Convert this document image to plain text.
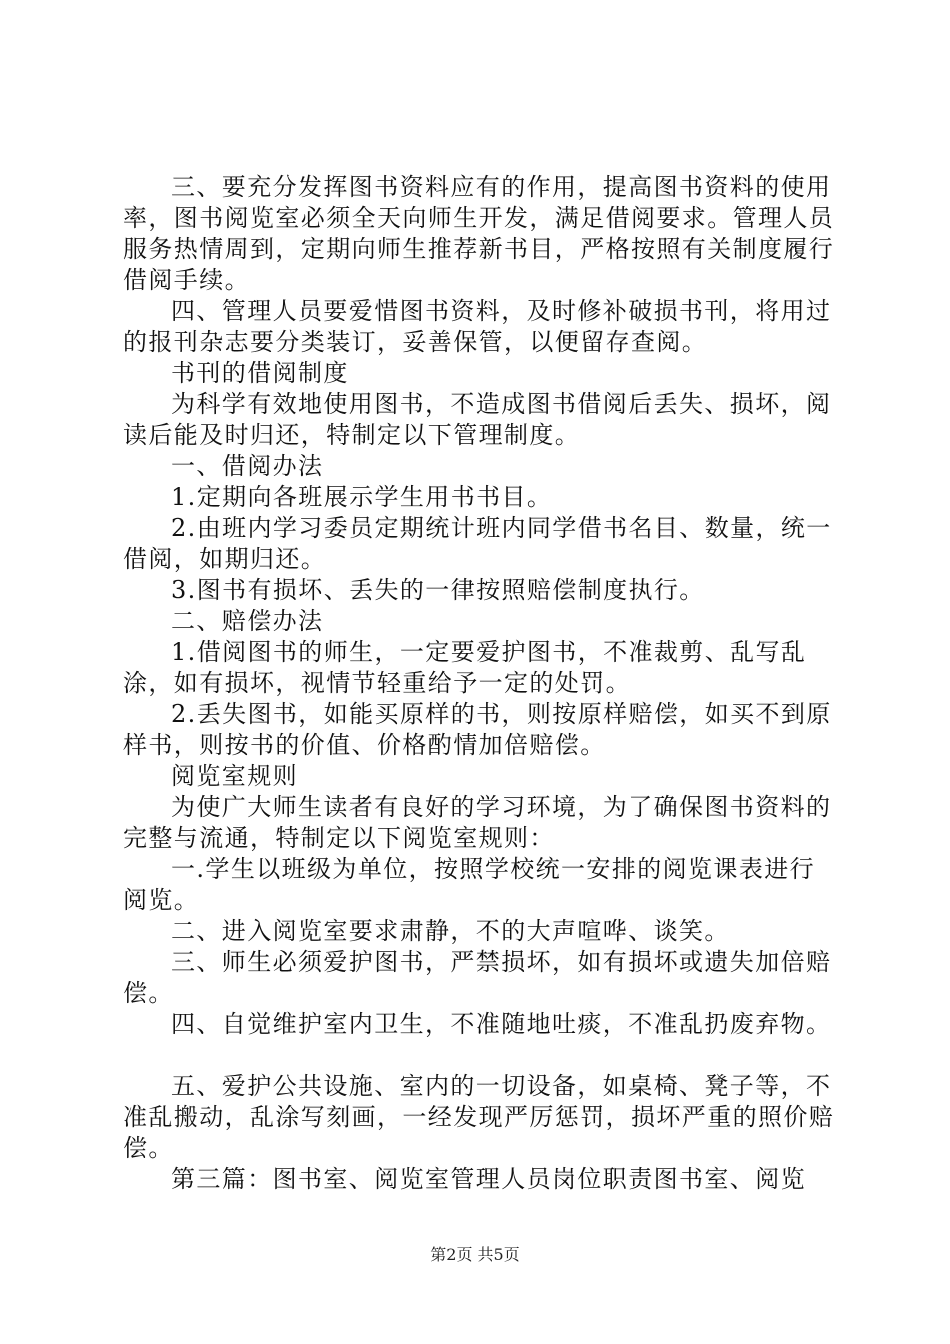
三、要充分发挥图书资料应有的作用，提高图书资料的使用率，图书阅览室必须全天向师生开发，满足借阅要求。管理人员服务热情周到，定期向师生推荐新书目，严格按照有关制度履行借阅手续。

四、管理人员要爱惜图书资料，及时修补破损书刊，将用过的报刊杂志要分类装订，妥善保管，以便留存查阅。

书刊的借阅制度

为科学有效地使用图书，不造成图书借阅后丢失、损坏，阅读后能及时归还，特制定以下管理制度。

一、借阅办法

1.定期向各班展示学生用书书目。

2.由班内学习委员定期统计班内同学借书名目、数量，统一借阅，如期归还。

3.图书有损坏、丢失的一律按照赔偿制度执行。

二、赔偿办法

1.借阅图书的师生，一定要爱护图书，不准裁剪、乱写乱涂，如有损坏，视情节轻重给予一定的处罚。

2.丢失图书，如能买原样的书，则按原样赔偿，如买不到原样书，则按书的价值、价格酌情加倍赔偿。

阅览室规则

为使广大师生读者有良好的学习环境，为了确保图书资料的完整与流通，特制定以下阅览室规则：

一.学生以班级为单位，按照学校统一安排的阅览课表进行阅览。

二、进入阅览室要求肃静，不的大声喧哗、谈笑。

三、师生必须爱护图书，严禁损坏，如有损坏或遗失加倍赔偿。

四、自觉维护室内卫生，不准随地吐痰，不准乱扔废弃物。

五、爱护公共设施、室内的一切设备，如桌椅、凳子等，不准乱搬动，乱涂写刻画，一经发现严厉惩罚，损坏严重的照价赔偿。

第三篇：图书室、阅览室管理人员岗位职责图书室、阅览

第2页 共5页
